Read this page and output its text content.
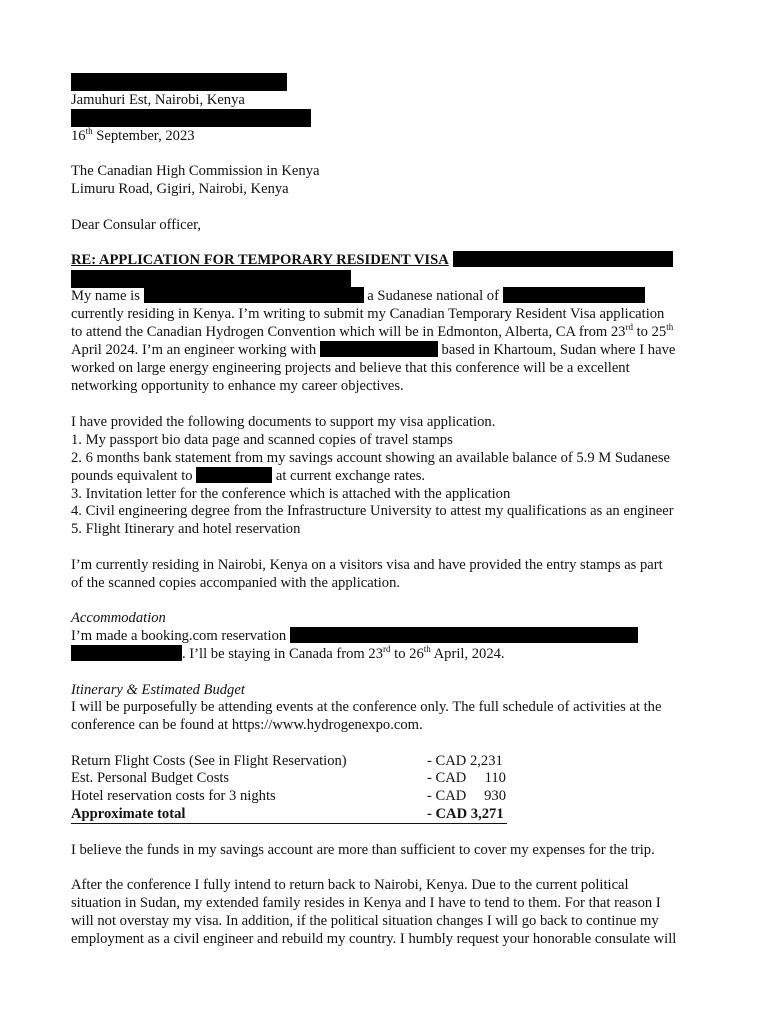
Jamuhuri Est, Nairobi, Kenya

16th September, 2023

The Canadian High Commission in Kenya

Limuru Road, Gigiri, Nairobi, Kenya

Dear Consular officer,

RE: APPLICATION FOR TEMPORARY RESIDENT VISA

My name is	a Sudanese national of

currently residing in Kenya. I’m writing to submit my Canadian Temporary Resident Visa application

to attend the Canadian Hydrogen Convention which will be in Edmonton, Alberta, CA from 23rd to 25th

April 2024. I’m an engineer working with	based in Khartoum, Sudan where I have

worked on large energy engineering projects and believe that this conference will be a excellent

networking opportunity to enhance my career objectives.

I have provided the following documents to support my visa application.

1. My passport bio data page and scanned copies of travel stamps

2. 6 months bank statement from my savings account showing an available balance of 5.9 M Sudanese

pounds equivalent to	at current exchange rates.

3. Invitation letter for the conference which is attached with the application

4. Civil engineering degree from the Infrastructure University to attest my qualifications as an engineer

5. Flight Itinerary and hotel reservation

I’m currently residing in Nairobi, Kenya on a visitors visa and have provided the entry stamps as part

of the scanned copies accompanied with the application.

Accommodation

I’m made a booking.com reservation

. I’ll be staying in Canada from 23rd to 26th April, 2024.

Itinerary & Estimated Budget

I will be purposefully be attending events at the conference only. The full schedule of activities at the

conference can be found at https://www.hydrogenexpo.com.

Return Flight Costs (See in Flight Reservation)	- CAD 2,231
Est. Personal Budget Costs	- CAD 110
Hotel reservation costs for 3 nights	- CAD 930
Approximate total	- CAD 3,271

I believe the funds in my savings account are more than sufficient to cover my expenses for the trip.

After the conference I fully intend to return back to Nairobi, Kenya. Due to the current political

situation in Sudan, my extended family resides in Kenya and I have to tend to them. For that reason I

will not overstay my visa. In addition, if the political situation changes I will go back to continue my

employment as a civil engineer and rebuild my country. I humbly request your honorable consulate will
